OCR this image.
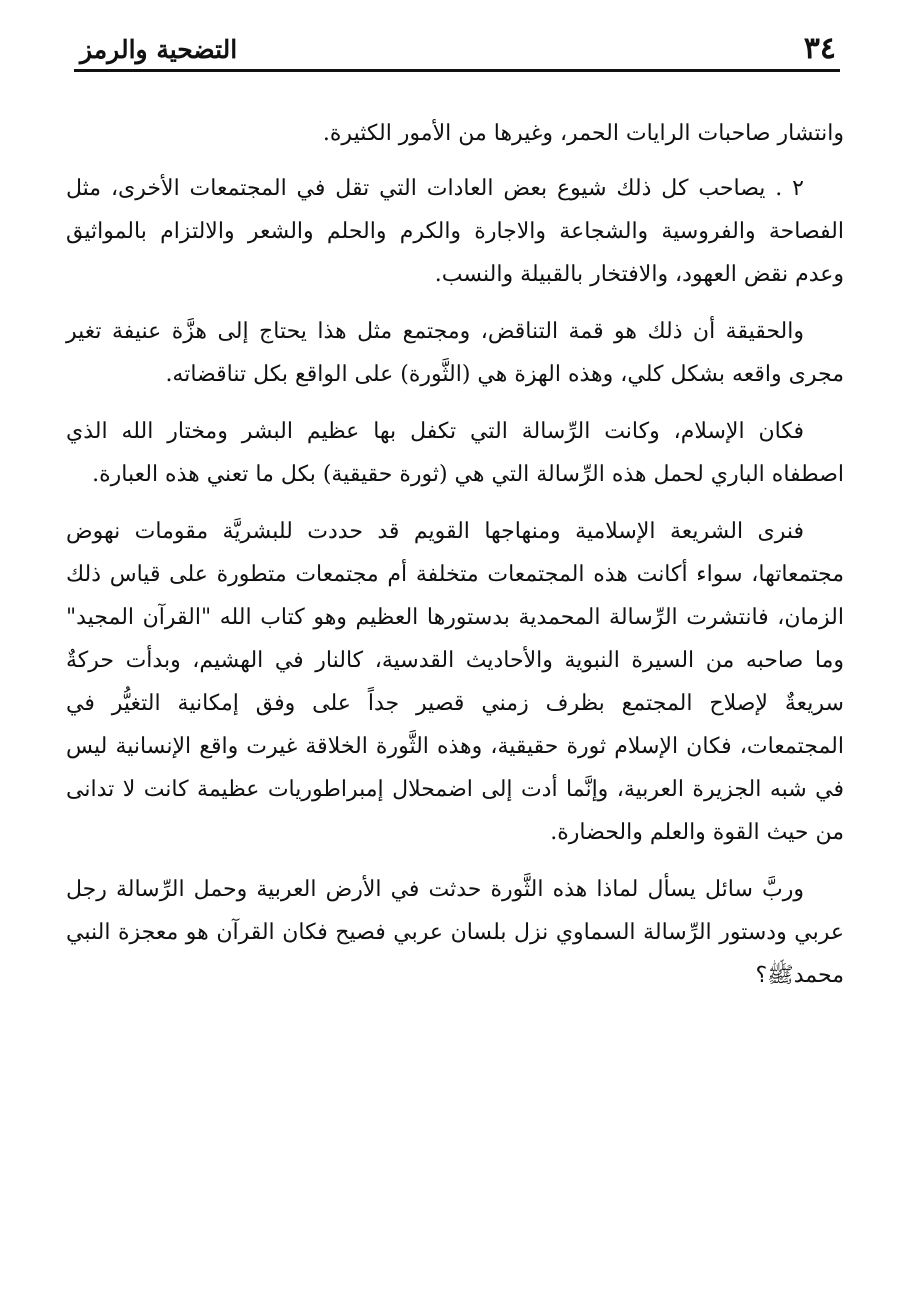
٣٤
التضحية والرمز

وانتشار صاحبات الرايات الحمر، وغيرها من الأمور الكثيرة.

٢ . يصاحب كل ذلك شيوع بعض العادات التي تقل في المجتمعات الأخرى، مثل الفصاحة والفروسية والشجاعة والاجارة والكرم والحلم والشعر والالتزام بالمواثيق وعدم نقض العهود، والافتخار بالقبيلة والنسب.

والحقيقة أن ذلك هو قمة التناقض، ومجتمع مثل هذا يحتاج إلى هزَّة عنيفة تغير مجرى واقعه بشكل كلي، وهذه الهزة هي (الثَّورة) على الواقع بكل تناقضاته.

فكان الإسلام، وكانت الرِّسالة التي تكفل بها عظيم البشر ومختار الله الذي اصطفاه الباري لحمل هذه الرِّسالة التي هي (ثورة حقيقية) بكل ما تعني هذه العبارة.

فنرى الشريعة الإسلامية ومنهاجها القويم قد حددت للبشريَّة مقومات نهوض مجتمعاتها، سواء أكانت هذه المجتمعات متخلفة أم مجتمعات متطورة على قياس ذلك الزمان، فانتشرت الرِّسالة المحمدية بدستورها العظيم وهو كتاب الله "القرآن المجيد" وما صاحبه من السيرة النبوية والأحاديث القدسية، كالنار في الهشيم، وبدأت حركةٌ سريعةٌ لإصلاح المجتمع بظرف زمني قصير جداً على وفق إمكانية التغيُّر في المجتمعات، فكان الإسلام ثورة حقيقية، وهذه الثَّورة الخلاقة غيرت واقع الإنسانية ليس في شبه الجزيرة العربية، وإنَّما أدت إلى اضمحلال إمبراطوريات عظيمة كانت لا تدانى من حيث القوة والعلم والحضارة.

وربَّ سائل يسأل لماذا هذه الثَّورة حدثت في الأرض العربية وحمل الرِّسالة رجل عربي ودستور الرِّسالة السماوي نزل بلسان عربي فصيح فكان القرآن هو معجزة النبي محمدﷺ؟
